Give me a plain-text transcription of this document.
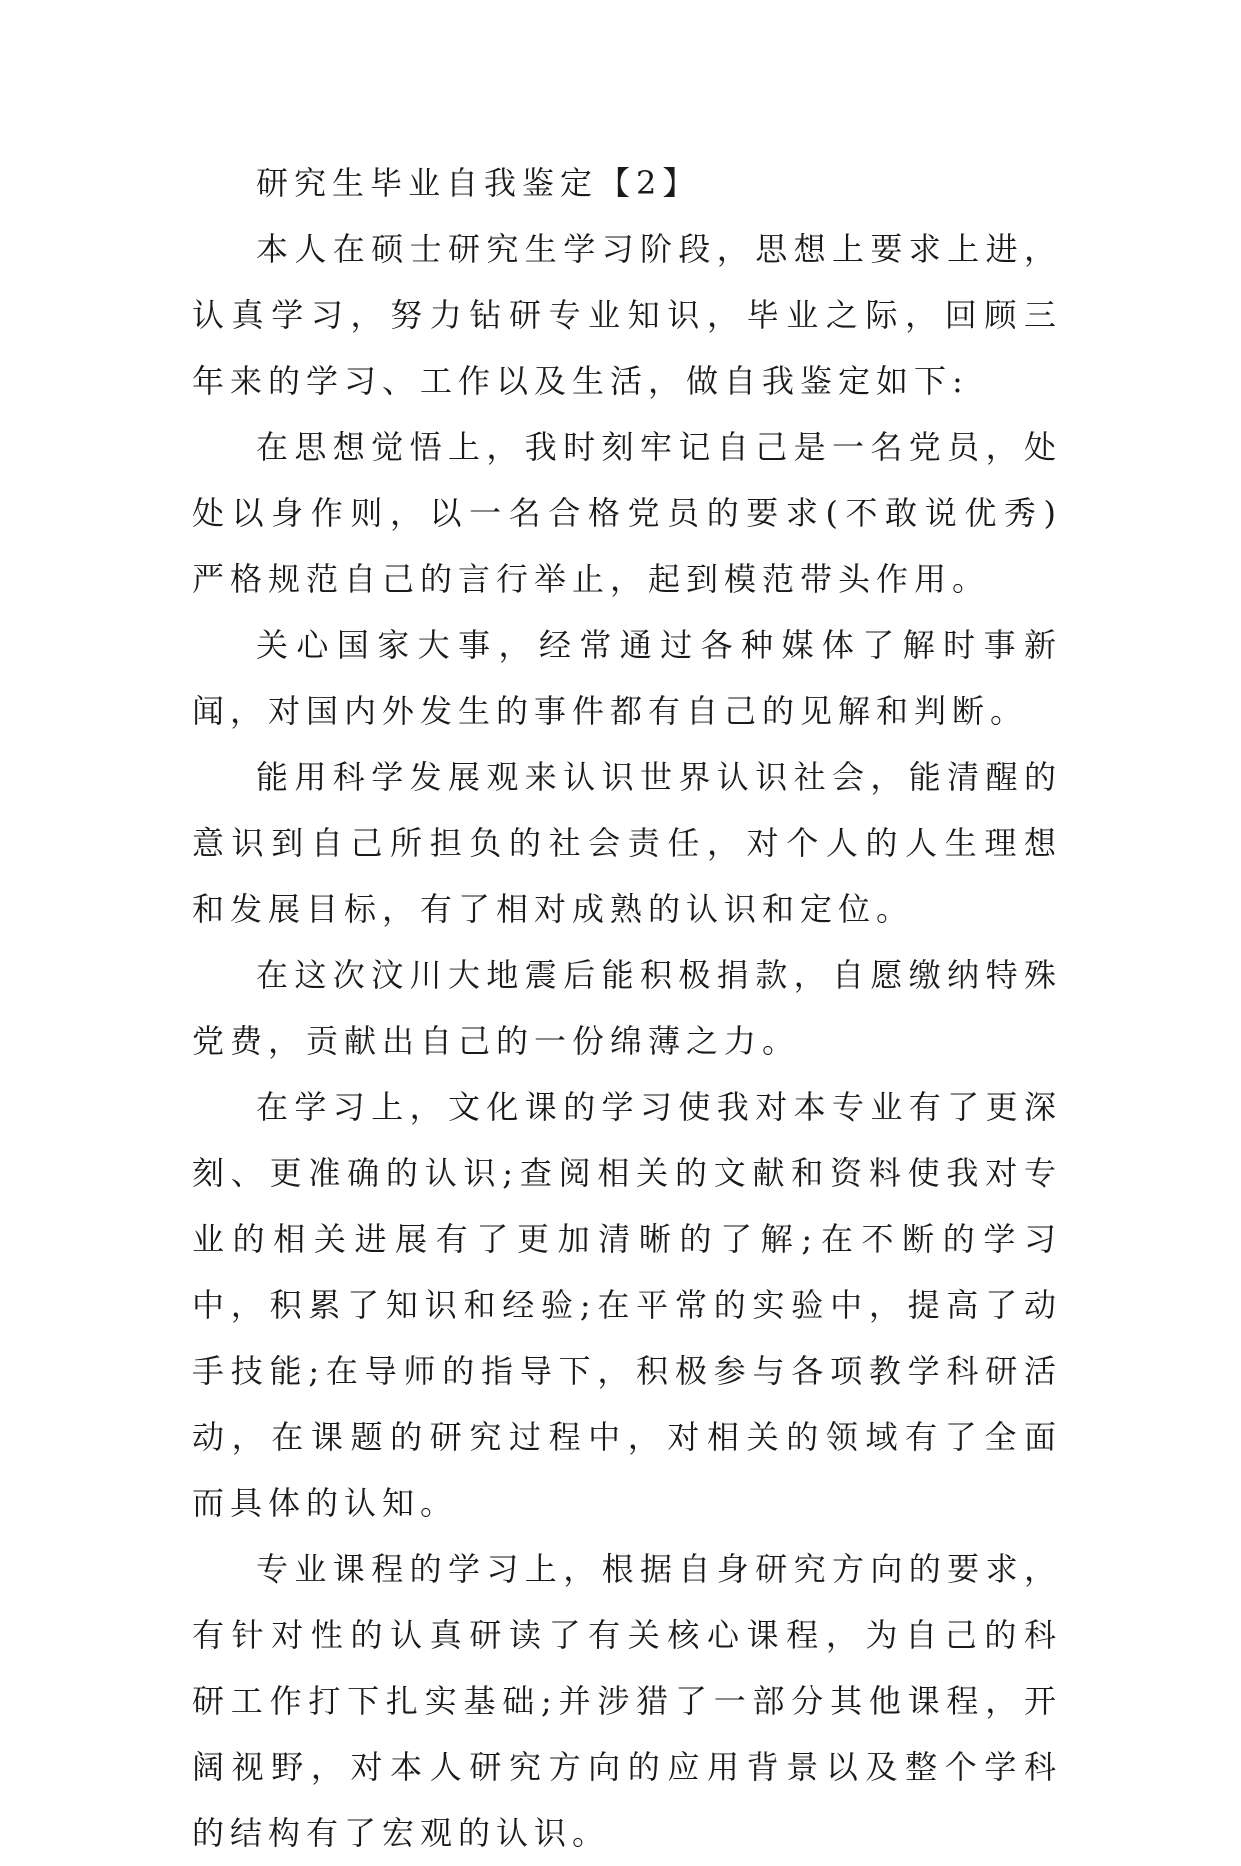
研究生毕业自我鉴定【2】

本人在硕士研究生学习阶段，思想上要求上进，认真学习，努力钻研专业知识，毕业之际，回顾三年来的学习、工作以及生活，做自我鉴定如下:

在思想觉悟上，我时刻牢记自己是一名党员，处处以身作则，以一名合格党员的要求(不敢说优秀)严格规范自己的言行举止，起到模范带头作用。

关心国家大事，经常通过各种媒体了解时事新闻，对国内外发生的事件都有自己的见解和判断。

能用科学发展观来认识世界认识社会，能清醒的意识到自己所担负的社会责任，对个人的人生理想和发展目标，有了相对成熟的认识和定位。

在这次汶川大地震后能积极捐款，自愿缴纳特殊党费，贡献出自己的一份绵薄之力。

在学习上，文化课的学习使我对本专业有了更深刻、更准确的认识;查阅相关的文献和资料使我对专业的相关进展有了更加清晰的了解;在不断的学习中，积累了知识和经验;在平常的实验中，提高了动手技能;在导师的指导下，积极参与各项教学科研活动，在课题的研究过程中，对相关的领域有了全面而具体的认知。

专业课程的学习上，根据自身研究方向的要求，有针对性的认真研读了有关核心课程，为自己的科研工作打下扎实基础;并涉猎了一部分其他课程，开阔视野，对本人研究方向的应用背景以及整个学科的结构有了宏观的认识。
